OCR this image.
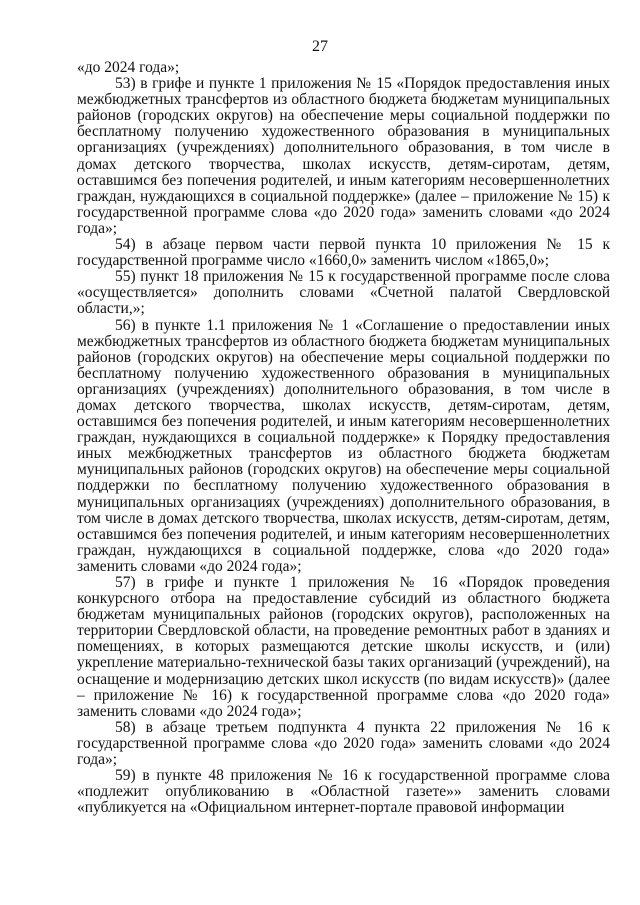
27

«до 2024 года»;

53) в грифе и пункте 1 приложения № 15 «Порядок предоставления иных межбюджетных трансфертов из областного бюджета бюджетам муниципальных районов (городских округов) на обеспечение меры социальной поддержки по бесплатному получению художественного образования в муниципальных организациях (учреждениях) дополнительного образования, в том числе в домах детского творчества, школах искусств, детям-сиротам, детям, оставшимся без попечения родителей, и иным категориям несовершеннолетних граждан, нуждающихся в социальной поддержке» (далее – приложение № 15) к государственной программе слова «до 2020 года» заменить словами «до 2024 года»;

54) в абзаце первом части первой пункта 10 приложения № 15 к государственной программе число «1660,0» заменить числом «1865,0»;

55) пункт 18 приложения № 15 к государственной программе после слова «осуществляется» дополнить словами «Счетной палатой Свердловской области,»;

56) в пункте 1.1 приложения № 1 «Соглашение о предоставлении иных межбюджетных трансфертов из областного бюджета бюджетам муниципальных районов (городских округов) на обеспечение меры социальной поддержки по бесплатному получению художественного образования в муниципальных организациях (учреждениях) дополнительного образования, в том числе в домах детского творчества, школах искусств, детям-сиротам, детям, оставшимся без попечения родителей, и иным категориям несовершеннолетних граждан, нуждающихся в социальной поддержке» к Порядку предоставления иных межбюджетных трансфертов из областного бюджета бюджетам муниципальных районов (городских округов) на обеспечение меры социальной поддержки по бесплатному получению художественного образования в муниципальных организациях (учреждениях) дополнительного образования, в том числе в домах детского творчества, школах искусств, детям-сиротам, детям, оставшимся без попечения родителей, и иным категориям несовершеннолетних граждан, нуждающихся в социальной поддержке, слова «до 2020 года» заменить словами «до 2024 года»;

57) в грифе и пункте 1 приложения № 16 «Порядок проведения конкурсного отбора на предоставление субсидий из областного бюджета бюджетам муниципальных районов (городских округов), расположенных на территории Свердловской области, на проведение ремонтных работ в зданиях и помещениях, в которых размещаются детские школы искусств, и (или) укрепление материально-технической базы таких организаций (учреждений), на оснащение и модернизацию детских школ искусств (по видам искусств)» (далее – приложение № 16) к государственной программе слова «до 2020 года» заменить словами «до 2024 года»;

58) в абзаце третьем подпункта 4 пункта 22 приложения № 16 к государственной программе слова «до 2020 года» заменить словами «до 2024 года»;

59) в пункте 48 приложения № 16 к государственной программе слова «подлежит опубликованию в «Областной газете»» заменить словами «публикуется на «Официальном интернет-портале правовой информации
